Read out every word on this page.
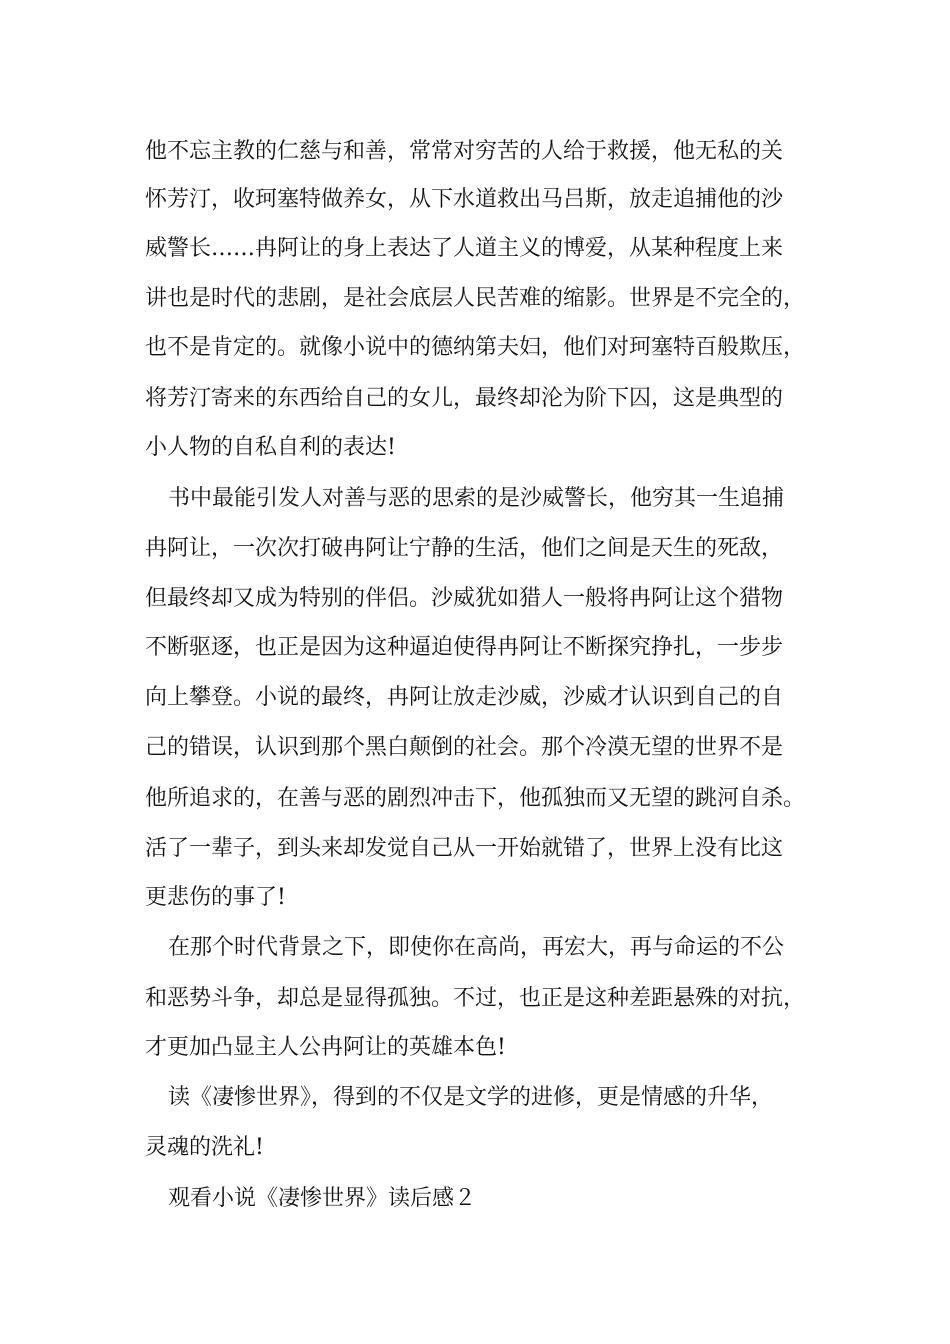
他不忘主教的仁慈与和善，常常对穷苦的人给于救援，他无私的关

怀芳汀，收珂塞特做养女，从下水道救出马吕斯，放走追捕他的沙

威警长……冉阿让的身上表达了人道主义的博爱，从某种程度上来

讲也是时代的悲剧，是社会底层人民苦难的缩影。世界是不完全的，

也不是肯定的。就像小说中的德纳第夫妇，他们对珂塞特百般欺压，

将芳汀寄来的东西给自己的女儿，最终却沦为阶下囚，这是典型的

小人物的自私自利的表达!

书中最能引发人对善与恶的思索的是沙威警长，他穷其一生追捕

冉阿让，一次次打破冉阿让宁静的生活，他们之间是天生的死敌，

但最终却又成为特别的伴侣。沙威犹如猎人一般将冉阿让这个猎物

不断驱逐，也正是因为这种逼迫使得冉阿让不断探究挣扎，一步步

向上攀登。小说的最终，冉阿让放走沙威，沙威才认识到自己的自

己的错误，认识到那个黑白颠倒的社会。那个冷漠无望的世界不是

他所追求的，在善与恶的剧烈冲击下，他孤独而又无望的跳河自杀。

活了一辈子，到头来却发觉自己从一开始就错了，世界上没有比这

更悲伤的事了!

在那个时代背景之下，即使你在高尚，再宏大，再与命运的不公

和恶势斗争，却总是显得孤独。不过，也正是这种差距悬殊的对抗，

才更加凸显主人公冉阿让的英雄本色!

读《凄惨世界》，得到的不仅是文学的进修，更是情感的升华，

灵魂的洗礼!

观看小说《凄惨世界》读后感２
